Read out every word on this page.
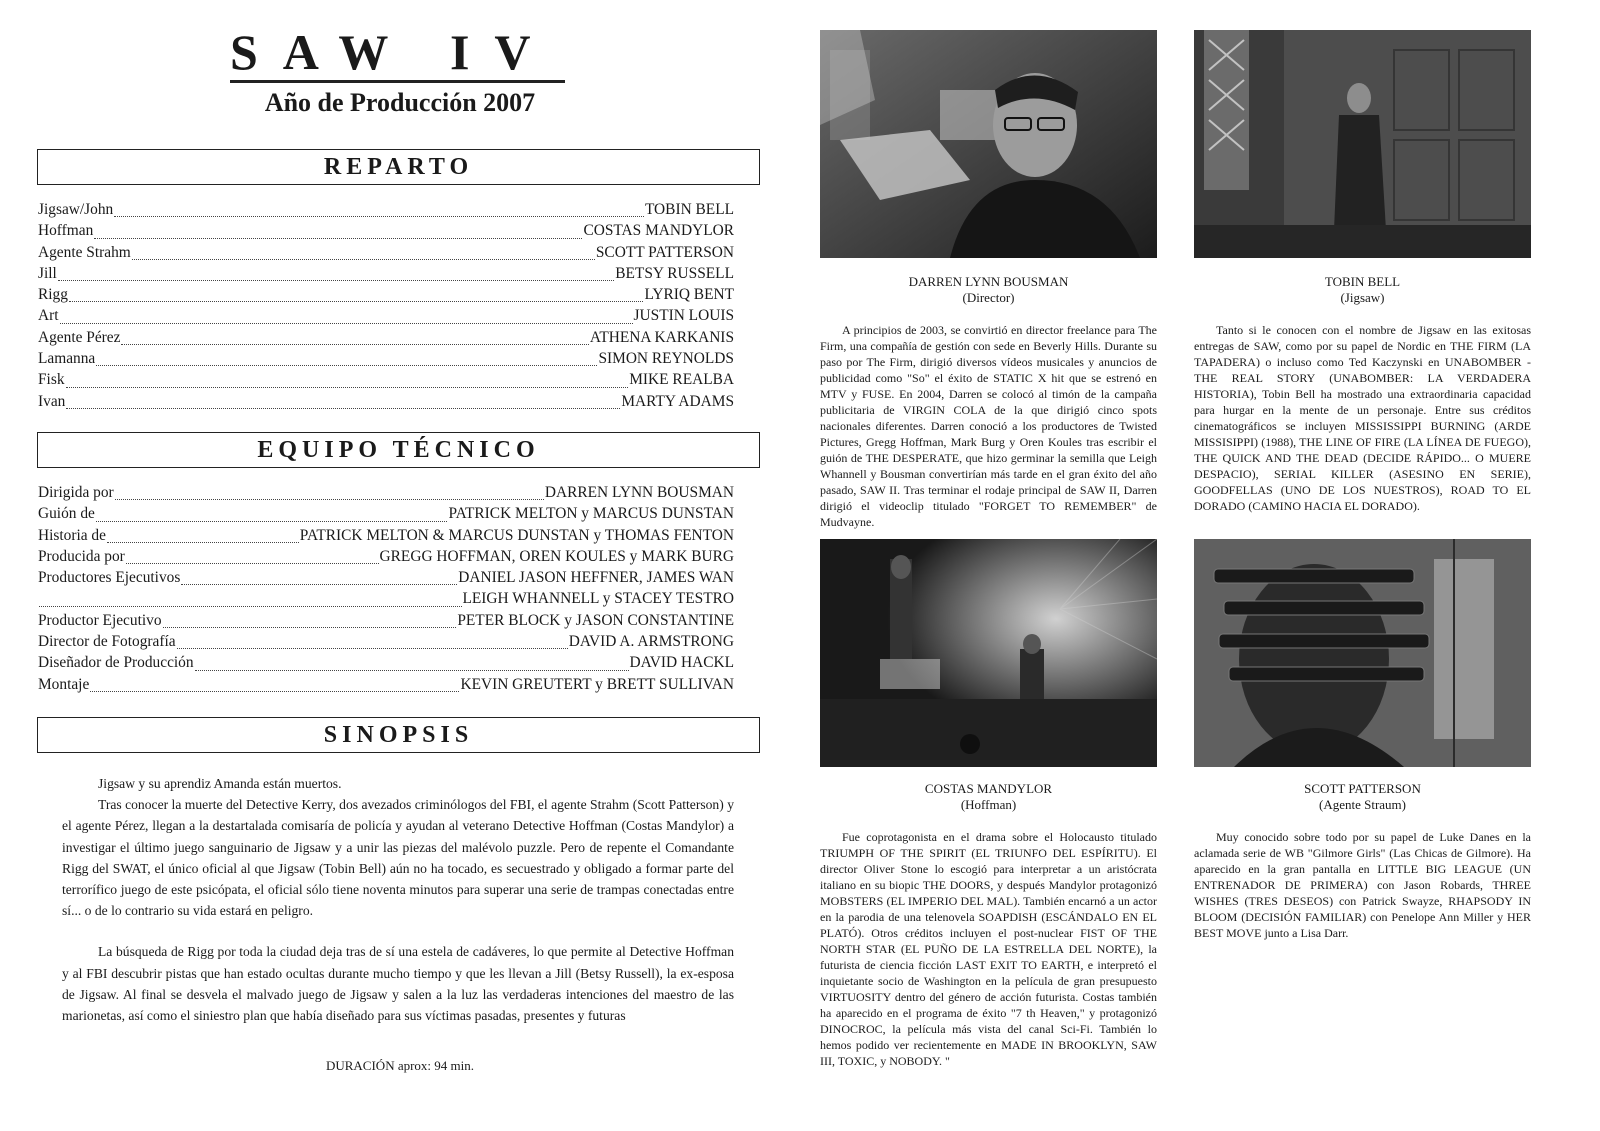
SAW IV
Año de Producción 2007
REPARTO
Jigsaw/John	TOBIN BELL
Hoffman	COSTAS MANDYLOR
Agente Strahm	SCOTT PATTERSON
Jill	BETSY RUSSELL
Rigg	LYRIQ BENT
Art	JUSTIN LOUIS
Agente Pérez	ATHENA KARKANIS
Lamanna	SIMON REYNOLDS
Fisk	MIKE REALBA
Ivan	MARTY ADAMS
EQUIPO TÉCNICO
Dirigida por	DARREN LYNN BOUSMAN
Guión de	PATRICK MELTON y MARCUS DUNSTAN
Historia de	PATRICK MELTON & MARCUS DUNSTAN y THOMAS FENTON
Producida por	GREGG HOFFMAN, OREN KOULES y MARK BURG
Productores Ejecutivos	DANIEL JASON HEFFNER, JAMES WAN
LEIGH WHANNELL y STACEY TESTRO
Productor Ejecutivo	PETER BLOCK y JASON CONSTANTINE
Director de Fotografía	DAVID A. ARMSTRONG
Diseñador de Producción	DAVID HACKL
Montaje	KEVIN GREUTERT y BRETT SULLIVAN
SINOPSIS

Jigsaw y su aprendiz Amanda están muertos.

Tras conocer la muerte del Detective Kerry, dos avezados criminólogos del FBI, el agente Strahm (Scott Patterson) y el agente Pérez, llegan a la destartalada comisaría de policía y ayudan al veterano Detective Hoffman (Costas Mandylor) a investigar el último juego sanguinario de Jigsaw y a unir las piezas del malévolo puzzle. Pero de repente el Comandante Rigg del SWAT, el único oficial al que Jigsaw (Tobin Bell) aún no ha tocado, es secuestrado y obligado a formar parte del terrorífico juego de este psicópata, el oficial sólo tiene noventa minutos para superar una serie de trampas conectadas entre sí... o de lo contrario su vida estará en peligro.

La búsqueda de Rigg por toda la ciudad deja tras de sí una estela de cadáveres, lo que permite al Detective Hoffman y al FBI descubrir pistas que han estado ocultas durante mucho tiempo y que les llevan a Jill (Betsy Russell), la ex-esposa de Jigsaw. Al final se desvela el malvado juego de Jigsaw y salen a la luz las verdaderas intenciones del maestro de las marionetas, así como el siniestro plan que había diseñado para sus víctimas pasadas, presentes y futuras

DURACIÓN aprox: 94 min.
DARREN LYNN BOUSMAN
(Director)
A principios de 2003, se convirtió en director freelance para The Firm, una compañía de gestión con sede en Beverly Hills. Durante su paso por The Firm, dirigió diversos vídeos musicales y anuncios de publicidad como "So" el éxito de STATIC X hit que se estrenó en MTV y FUSE. En 2004, Darren se colocó al timón de la campaña publicitaria de VIRGIN COLA de la que dirigió cinco spots nacionales diferentes. Darren conoció a los productores de Twisted Pictures, Gregg Hoffman, Mark Burg y Oren Koules tras escribir el guión de THE DESPERATE, que hizo germinar la semilla que Leigh Whannell y Bousman convertirían más tarde en el gran éxito del año pasado, SAW II. Tras terminar el rodaje principal de SAW II, Darren dirigió el videoclip titulado "FORGET TO REMEMBER" de Mudvayne.
TOBIN BELL
(Jigsaw)
Tanto si le conocen con el nombre de Jigsaw en las exitosas entregas de SAW, como por su papel de Nordic en THE FIRM (LA TAPADERA) o incluso como Ted Kaczynski en UNABOMBER - THE REAL STORY (UNABOMBER: LA VERDADERA HISTORIA), Tobin Bell ha mostrado una extraordinaria capacidad para hurgar en la mente de un personaje. Entre sus créditos cinematográficos se incluyen MISSISSIPPI BURNING (ARDE MISSISIPPI) (1988), THE LINE OF FIRE (LA LÍNEA DE FUEGO), THE QUICK AND THE DEAD (DECIDE RÁPIDO... O MUERE DESPACIO), SERIAL KILLER (ASESINO EN SERIE), GOODFELLAS (UNO DE LOS NUESTROS), ROAD TO EL DORADO (CAMINO HACIA EL DORADO).
COSTAS MANDYLOR
(Hoffman)
Fue coprotagonista en el drama sobre el Holocausto titulado TRIUMPH OF THE SPIRIT (EL TRIUNFO DEL ESPÍRITU). El director Oliver Stone lo escogió para interpretar a un aristócrata italiano en su biopic THE DOORS, y después Mandylor protagonizó MOBSTERS (EL IMPERIO DEL MAL). También encarnó a un actor en la parodia de una telenovela SOAPDISH (ESCÁNDALO EN EL PLATÓ). Otros créditos incluyen el post-nuclear FIST OF THE NORTH STAR (EL PUÑO DE LA ESTRELLA DEL NORTE), la futurista de ciencia ficción LAST EXIT TO EARTH, e interpretó el inquietante socio de Washington en la película de gran presupuesto VIRTUOSITY dentro del género de acción futurista. Costas también ha aparecido en el programa de éxito "7 th Heaven," y protagonizó DINOCROC, la película más vista del canal Sci-Fi. También lo hemos podido ver recientemente en MADE IN BROOKLYN, SAW III, TOXIC, y NOBODY. "
SCOTT PATTERSON
(Agente Straum)
Muy conocido sobre todo por su papel de Luke Danes en la aclamada serie de WB "Gilmore Girls" (Las Chicas de Gilmore). Ha aparecido en la gran pantalla en LITTLE BIG LEAGUE (UN ENTRENADOR DE PRIMERA) con Jason Robards, THREE WISHES (TRES DESEOS) con Patrick Swayze, RHAPSODY IN BLOOM (DECISIÓN FAMILIAR) con Penelope Ann Miller y HER BEST MOVE junto a Lisa Darr.
